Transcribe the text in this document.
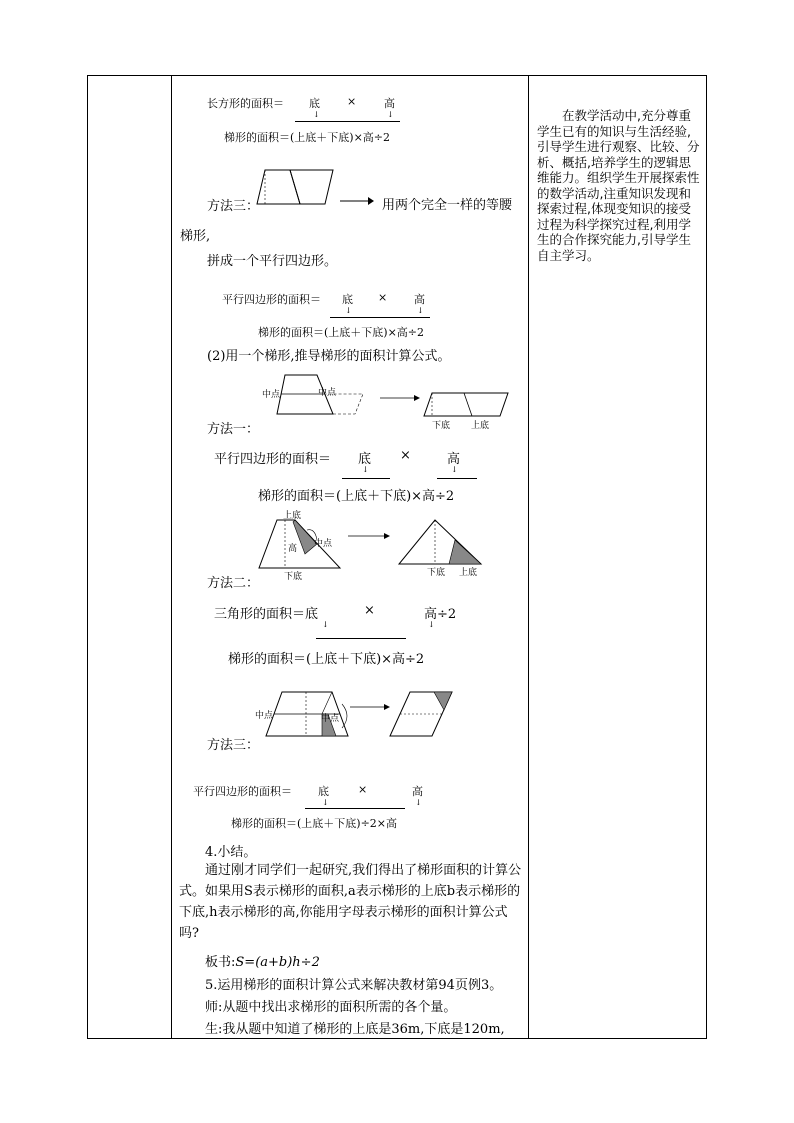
长方形的面积＝ 底 ×	高
↓	↓
梯形的面积＝(上底＋下底)×高÷2
方法三：	用两个完全一样的等腰
梯形,
拼成一个平行四边形。
平行四边形的面积＝ 底 × 高
↓	↓
梯形的面积＝(上底＋下底)×高÷2
(2)用一个梯形,推导梯形的面积计算公式。
中点	中点
下底 上底
方法一：
平行四边形的面积＝ 底 ×	高
↓	↓
梯形的面积＝(上底＋下底)×高÷2
上底
高 中点
下底	下底 上底
方法二：
三角形的面积＝底	×	高÷2
↓	↓
梯形的面积＝(上底＋下底)×高÷2
中点	中点
方法三：
平行四边形的面积＝ 底	×	高
↓	↓
梯形的面积＝(上底＋下底)÷2×高
4.小结。
通过刚才同学们一起研究,我们得出了梯形面积的计算公式。如果用S表示梯形的面积,a表示梯形的上底b表示梯形的下底,h表示梯形的高,你能用字母表示梯形的面积计算公式吗?
板书:S=(a+b)h÷2
5.运用梯形的面积计算公式来解决教材第94页例3。
师:从题中找出求梯形的面积所需的各个量。
生:我从题中知道了梯形的上底是36m,下底是120m,
　　在教学活动中,充分尊重学生已有的知识与生活经验,引导学生进行观察、比较、分析、概括,培养学生的逻辑思维能力。组织学生开展探索性的数学活动,注重知识发现和探索过程,体现变知识的接受过程为科学探究过程,利用学生的合作探究能力,引导学生自主学习。
